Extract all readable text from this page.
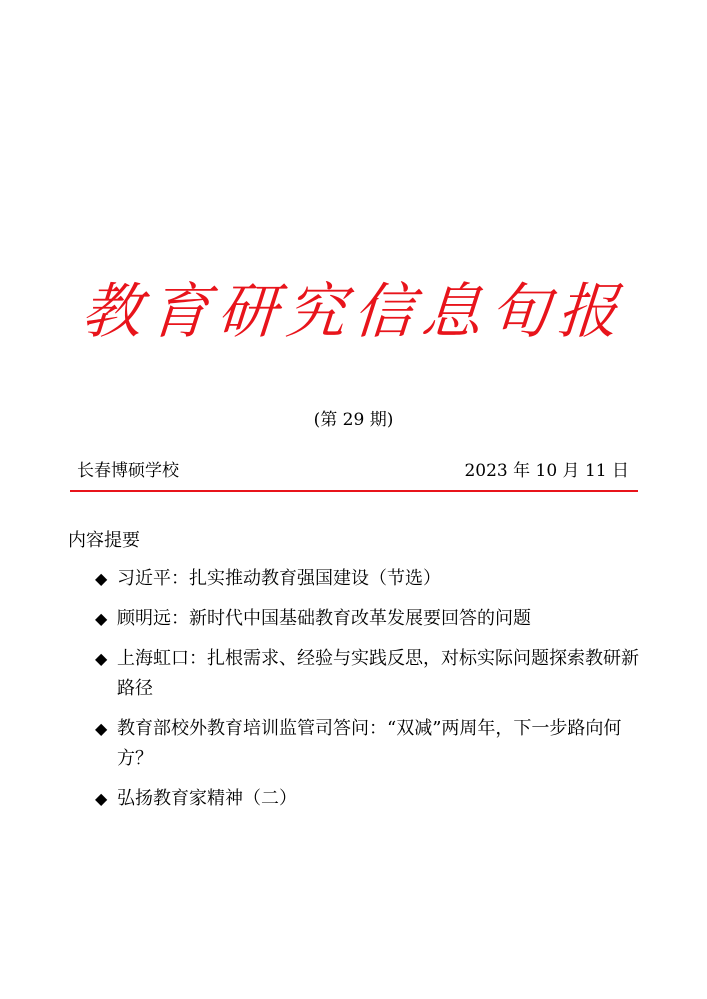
教育研究信息旬报
(第 29 期)
长春博硕学校	2023 年 10 月 11 日
内容提要
◆ 习近平：扎实推动教育强国建设（节选）
◆ 顾明远：新时代中国基础教育改革发展要回答的问题
◆ 上海虹口：扎根需求、经验与实践反思，对标实际问题探索教研新路径
◆ 教育部校外教育培训监管司答问：“双减”两周年，下一步路向何方？
◆ 弘扬教育家精神（二）
